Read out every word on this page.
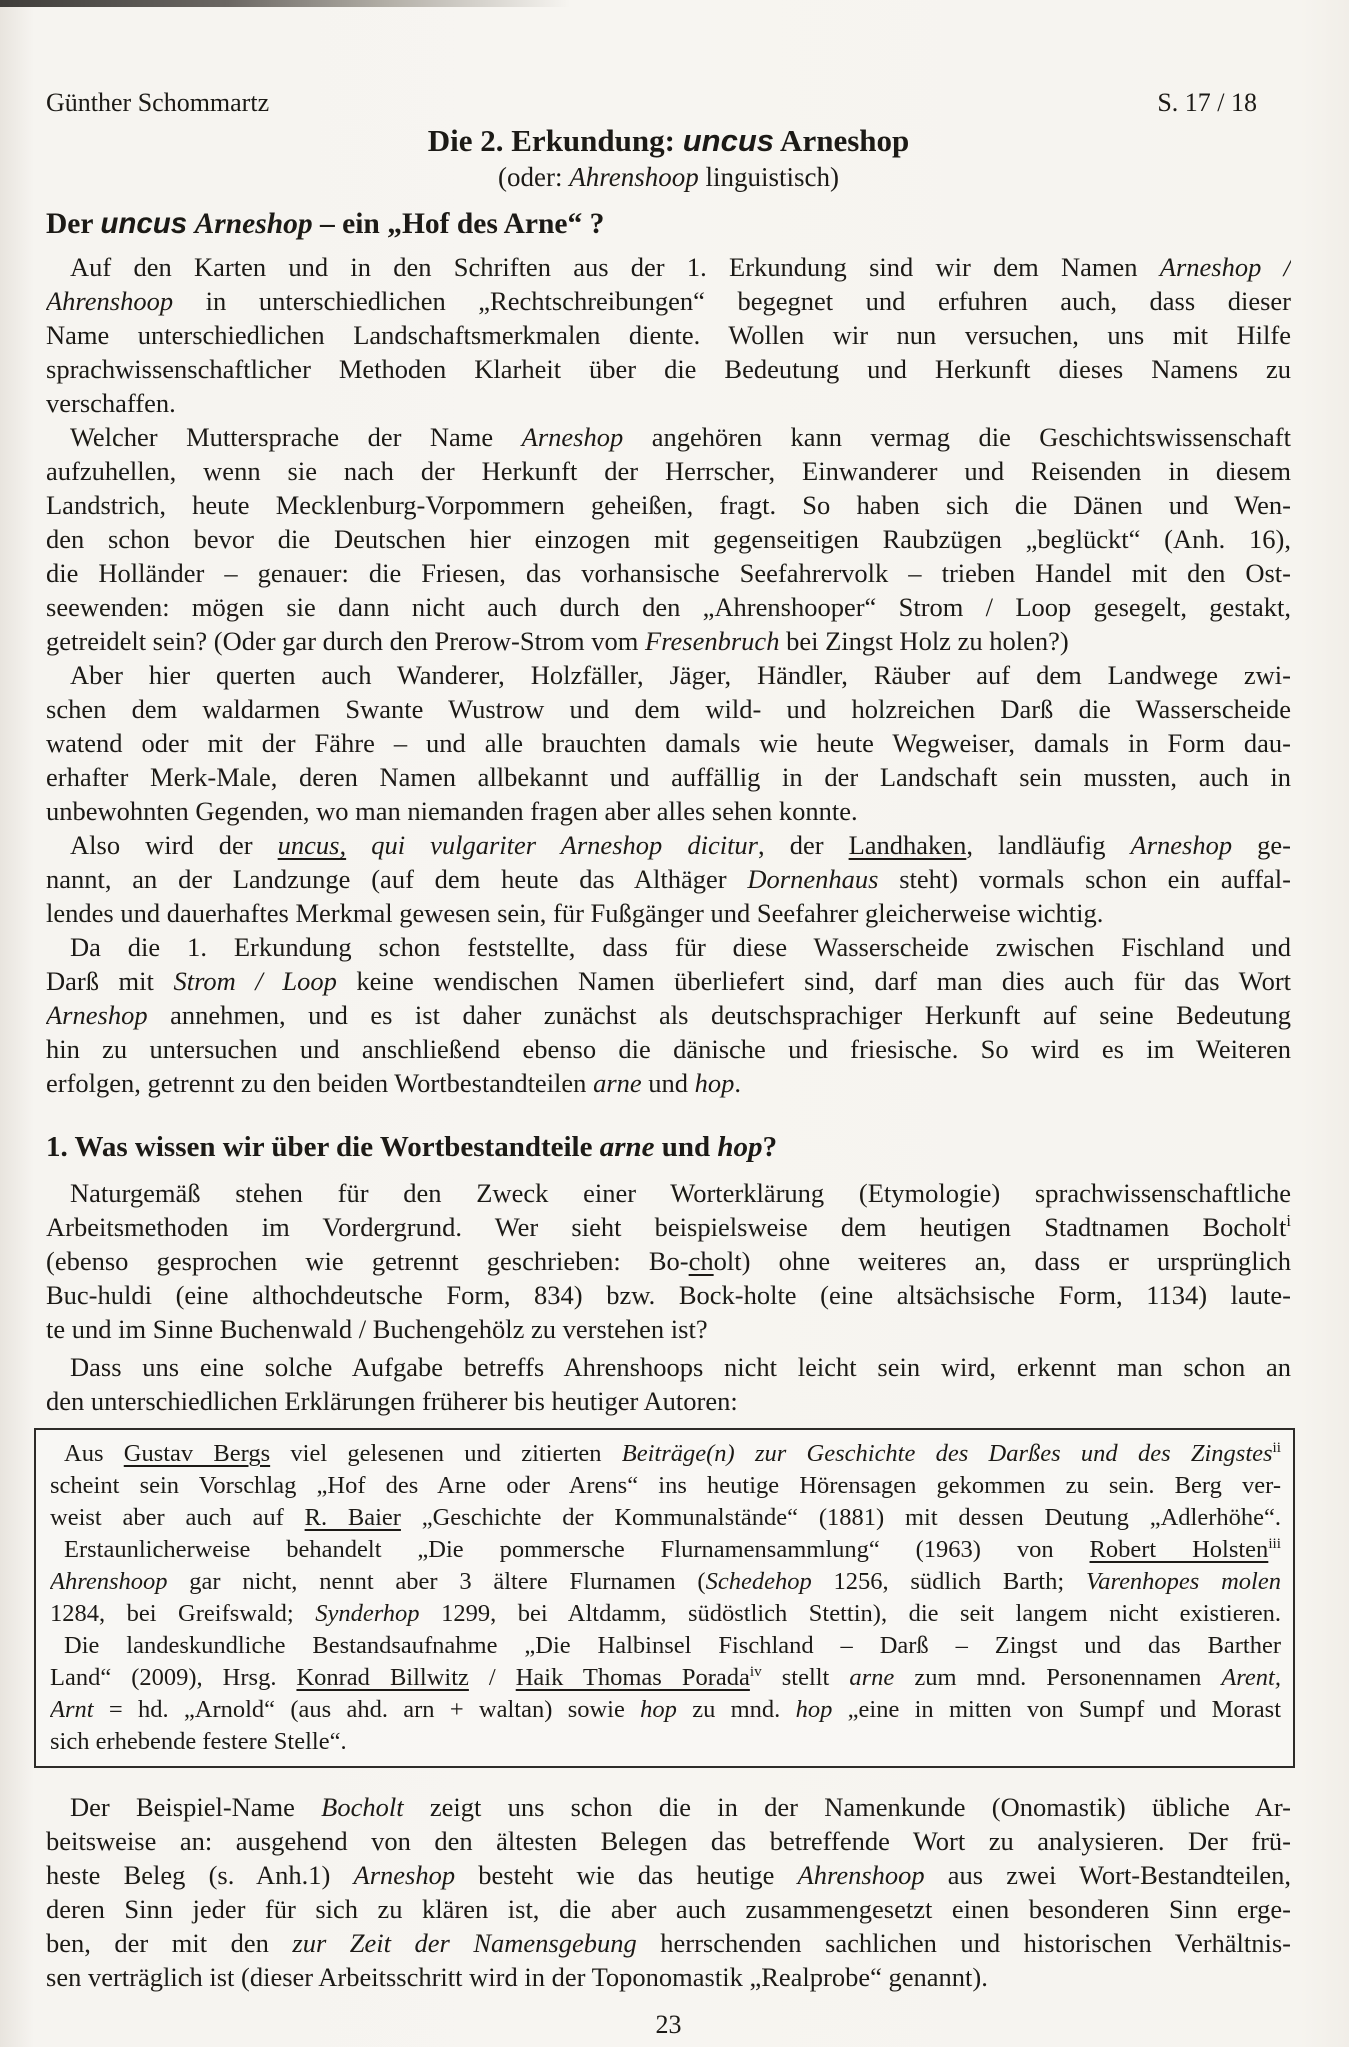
Günther Schommartz	S. 17 / 18
Die 2. Erkundung: uncus Arneshop
(oder: Ahrenshoop linguistisch)
Der uncus Arneshop – ein „Hof des Arne“ ?
Auf den Karten und in den Schriften aus der 1. Erkundung sind wir dem Namen Arneshop /
Ahrenshoop in unterschiedlichen „Rechtschreibungen“ begegnet und erfuhren auch, dass dieser
Name unterschiedlichen Landschaftsmerkmalen diente. Wollen wir nun versuchen, uns mit Hilfe
sprachwissenschaftlicher Methoden Klarheit über die Bedeutung und Herkunft dieses Namens zu
verschaffen.
Welcher Muttersprache der Name Arneshop angehören kann vermag die Geschichtswissenschaft
aufzuhellen, wenn sie nach der Herkunft der Herrscher, Einwanderer und Reisenden in diesem
Landstrich, heute Mecklenburg-Vorpommern geheißen, fragt. So haben sich die Dänen und Wen-
den schon bevor die Deutschen hier einzogen mit gegenseitigen Raubzügen „beglückt“ (Anh. 16),
die Holländer – genauer: die Friesen, das vorhansische Seefahrervolk – trieben Handel mit den Ost-
seewenden: mögen sie dann nicht auch durch den „Ahrenshooper“ Strom / Loop gesegelt, gestakt,
getreidelt sein? (Oder gar durch den Prerow-Strom vom Fresenbruch bei Zingst Holz zu holen?)
Aber hier querten auch Wanderer, Holzfäller, Jäger, Händler, Räuber auf dem Landwege zwi-
schen dem waldarmen Swante Wustrow und dem wild- und holzreichen Darß die Wasserscheide
watend oder mit der Fähre – und alle brauchten damals wie heute Wegweiser, damals in Form dau-
erhafter Merk-Male, deren Namen allbekannt und auffällig in der Landschaft sein mussten, auch in
unbewohnten Gegenden, wo man niemanden fragen aber alles sehen konnte.
Also wird der uncus, qui vulgariter Arneshop dicitur, der Landhaken, landläufig Arneshop ge-
nannt, an der Landzunge (auf dem heute das Althäger Dornenhaus steht) vormals schon ein auffal-
lendes und dauerhaftes Merkmal gewesen sein, für Fußgänger und Seefahrer gleicherweise wichtig.
Da die 1. Erkundung schon feststellte, dass für diese Wasserscheide zwischen Fischland und
Darß mit Strom / Loop keine wendischen Namen überliefert sind, darf man dies auch für das Wort
Arneshop annehmen, und es ist daher zunächst als deutschsprachiger Herkunft auf seine Bedeutung
hin zu untersuchen und anschließend ebenso die dänische und friesische. So wird es im Weiteren
erfolgen, getrennt zu den beiden Wortbestandteilen arne und hop.
1. Was wissen wir über die Wortbestandteile arne und hop?
Naturgemäß stehen für den Zweck einer Worterklärung (Etymologie) sprachwissenschaftliche
Arbeitsmethoden im Vordergrund. Wer sieht beispielsweise dem heutigen Stadtnamen Bocholt$^i$
(ebenso gesprochen wie getrennt geschrieben: Bo-cholt) ohne weiteres an, dass er ursprünglich
Buc-huldi (eine althochdeutsche Form, 834) bzw. Bock-holte (eine altsächsische Form, 1134) laute-
te und im Sinne Buchenwald / Buchengehölz zu verstehen ist?
Dass uns eine solche Aufgabe betreffs Ahrenshoops nicht leicht sein wird, erkennt man schon an
den unterschiedlichen Erklärungen früherer bis heutiger Autoren:
Aus Gustav Bergs viel gelesenen und zitierten Beiträge(n) zur Geschichte des Darßes und des Zingstes$^{ii}$
scheint sein Vorschlag „Hof des Arne oder Arens“ ins heutige Hörensagen gekommen zu sein. Berg ver-
weist aber auch auf R. Baier „Geschichte der Kommunalstände“ (1881) mit dessen Deutung „Adlerhöhe“.
Erstaunlicherweise behandelt „Die pommersche Flurnamensammlung“ (1963) von Robert Holsten$^{iii}$
Ahrenshoop gar nicht, nennt aber 3 ältere Flurnamen (Schedehop 1256, südlich Barth; Varenhopes molen
1284, bei Greifswald; Synderhop 1299, bei Altdamm, südöstlich Stettin), die seit langem nicht existieren.
Die landeskundliche Bestandsaufnahme „Die Halbinsel Fischland – Darß – Zingst und das Barther
Land“ (2009), Hrsg. Konrad Billwitz / Haik Thomas Porada$^{iv}$ stellt arne zum mnd. Personennamen Arent,
Arnt = hd. „Arnold“ (aus ahd. arn + waltan) sowie hop zu mnd. hop „eine in mitten von Sumpf und Morast
sich erhebende festere Stelle“.
Der Beispiel-Name Bocholt zeigt uns schon die in der Namenkunde (Onomastik) übliche Ar-
beitsweise an: ausgehend von den ältesten Belegen das betreffende Wort zu analysieren. Der frü-
heste Beleg (s. Anh.1) Arneshop besteht wie das heutige Ahrenshoop aus zwei Wort-Bestandteilen,
deren Sinn jeder für sich zu klären ist, die aber auch zusammengesetzt einen besonderen Sinn erge-
ben, der mit den zur Zeit der Namensgebung herrschenden sachlichen und historischen Verhältnis-
sen verträglich ist (dieser Arbeitsschritt wird in der Toponomastik „Realprobe“ genannt).
23
